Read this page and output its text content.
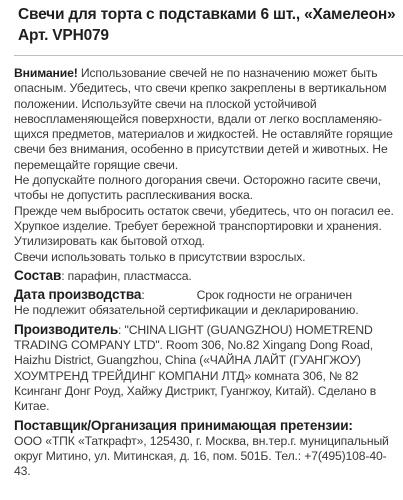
Свечи для торта с подставками 6 шт., «Хамелеон»
Арт. VPH079

Внимание! Использование свечей не по назначению может быть опасным. Убедитесь, что свечи крепко закреплены в вертикальном положении. Используйте свечи на плоской устойчивой невоспламеняющейся поверхности, вдали от легко воспламеняю-щихся предметов, материалов и жидкостей. Не оставляйте горящие свечи без внимания, особенно в присутствии детей и животных. Не перемещайте горящие свечи.

Не допускайте полного догорания свечи. Осторожно гасите свечи, чтобы не допустить расплескивания воска.

Прежде чем выбросить остаток свечи, убедитесь, что он погасил ее.

Хрупкое изделие. Требует бережной транспортировки и хранения.

Утилизировать как бытовой отход.

Свечи использовать только в присутствии взрослых.

Состав: парафин, пластмасса.

Дата производства:	Срок годности не ограничен

Не подлежит обязательной сертификации и декларированию.

Производитель: "CHINA LIGHT (GUANGZHOU) HOMETREND TRADING COMPANY LTD". Room 306, No.82 Xingang Dong Road, Haizhu District, Guangzhou, China («ЧАЙНА ЛАЙТ (ГУАНГЖОУ) ХОУМТРЕНД ТРЕЙДИНГ КОМПАНИ ЛТД» комната 306, № 82 Ксинганг Донг Роуд, Хайжу Дистрикт, Гуангжоу, Китай). Сделано в Китае.

Поставщик/Организация принимающая претензии:

ООО «ТПК «Таткрафт», 125430, г. Москва, вн.тер.г. муниципальный округ Митино, ул. Митинская, д. 16, пом. 501Б. Тел.: +7(495)108-40-43.
